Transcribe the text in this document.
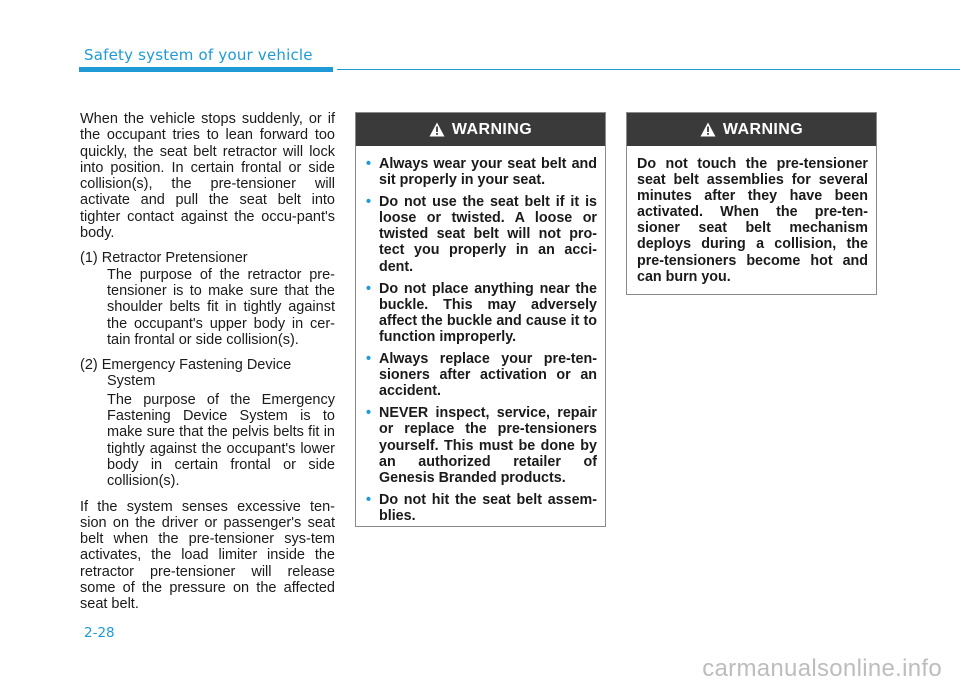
Safety system of your vehicle

When the vehicle stops suddenly, or if the occupant tries to lean forward too quickly, the seat belt retractor will lock into position. In certain frontal or side collision(s), the pre-tensioner will activate and pull the seat belt into tighter contact against the occu-pant's body.

(1) Retractor Pretensioner

The purpose of the retractor pre-tensioner is to make sure that the shoulder belts fit in tightly against the occupant's upper body in cer-tain frontal or side collision(s).

(2) Emergency Fastening Device

System

The purpose of the Emergency Fastening Device System is to make sure that the pelvis belts fit in tightly against the occupant's lower body in certain frontal or side collision(s).

If the system senses excessive ten-sion on the driver or passenger's seat belt when the pre-tensioner sys-tem activates, the load limiter inside the retractor pre-tensioner will release some of the pressure on the affected seat belt.

WARNING
• Always wear your seat belt and sit properly in your seat.
• Do not use the seat belt if it is loose or twisted. A loose or twisted seat belt will not pro-tect you properly in an acci-dent.
• Do not place anything near the buckle. This may adversely affect the buckle and cause it to function improperly.
• Always replace your pre-ten-sioners after activation or an accident.
• NEVER inspect, service, repair or replace the pre-tensioners yourself. This must be done by an authorized retailer of Genesis Branded products.
• Do not hit the seat belt assem-blies.
WARNING

Do not touch the pre-tensioner seat belt assemblies for several minutes after they have been activated. When the pre-ten-sioner seat belt mechanism deploys during a collision, the pre-tensioners become hot and can burn you.

2-28
carmanualsonline.info
